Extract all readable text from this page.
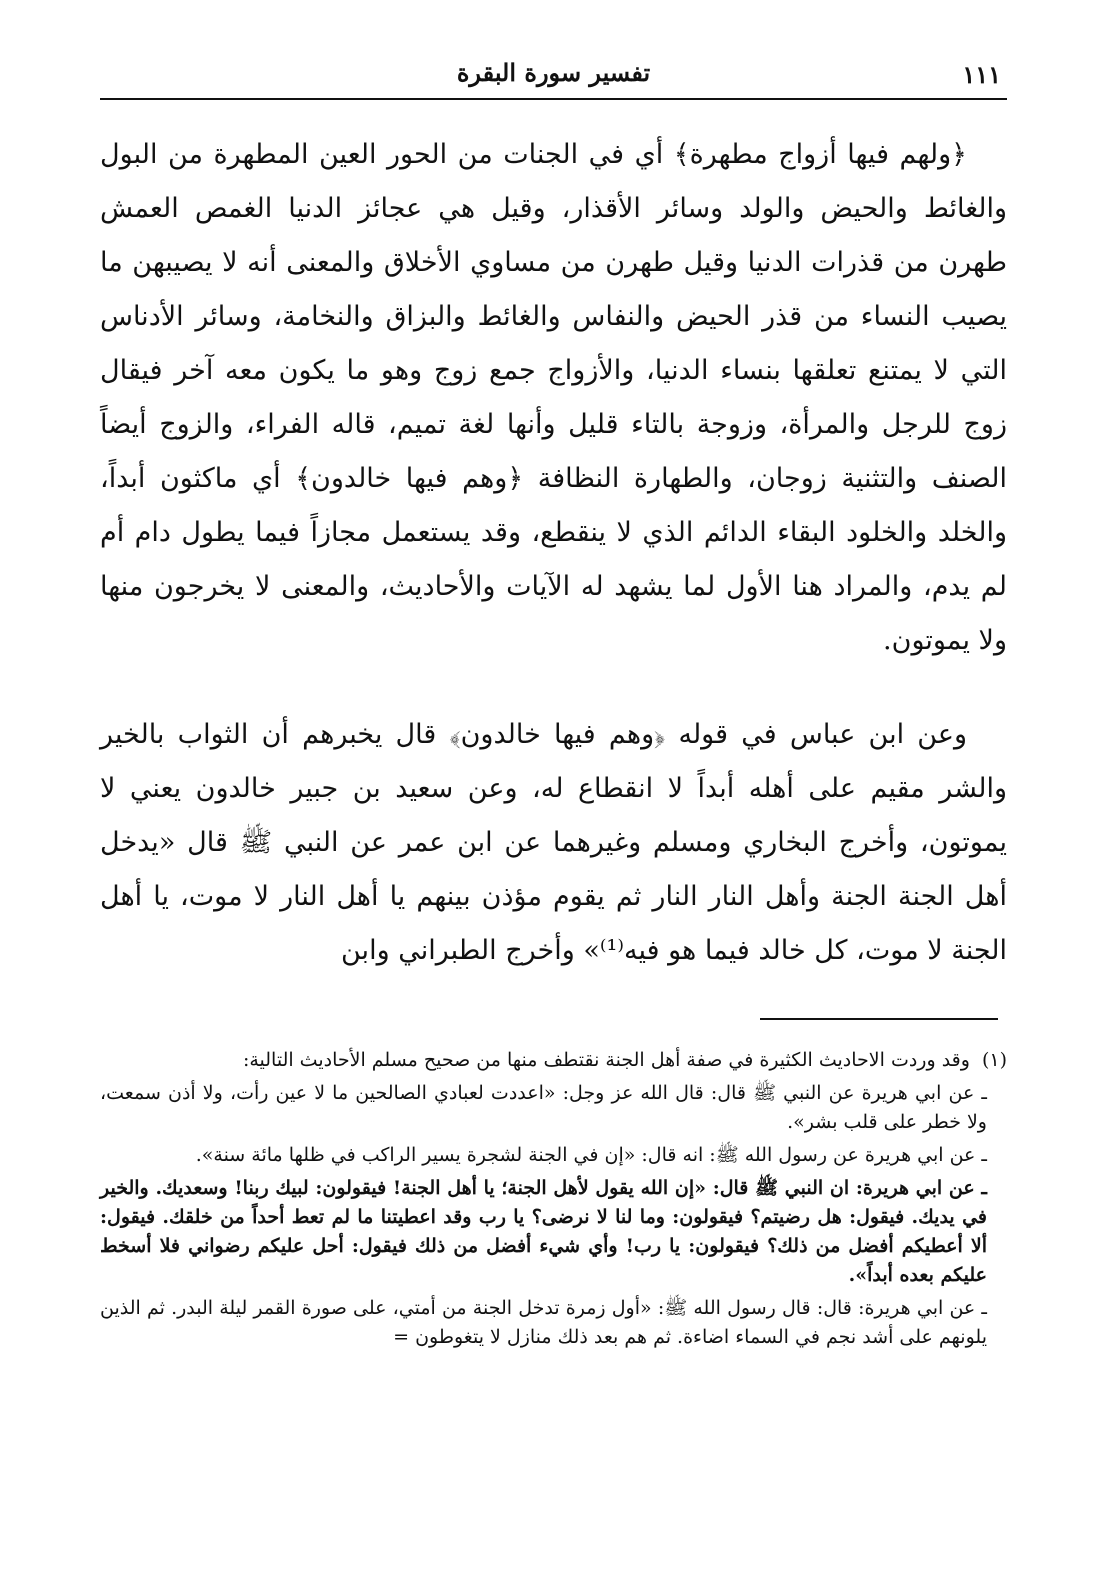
تفسير سورة البقرة	١١١

﴿ولهم فيها أزواج مطهرة﴾ أي في الجنات من الحور العين المطهرة من البول والغائط والحيض والولد وسائر الأقذار، وقيل هي عجائز الدنيا الغمص العمش طهرن من قذرات الدنيا وقيل طهرن من مساوي الأخلاق والمعنى أنه لا يصيبهن ما يصيب النساء من قذر الحيض والنفاس والغائط والبزاق والنخامة، وسائر الأدناس التي لا يمتنع تعلقها بنساء الدنيا، والأزواج جمع زوج وهو ما يكون معه آخر فيقال زوج للرجل والمرأة، وزوجة بالتاء قليل وأنها لغة تميم، قاله الفراء، والزوج أيضاً الصنف والتثنية زوجان، والطهارة النظافة ﴿وهم فيها خالدون﴾ أي ماكثون أبداً، والخلد والخلود البقاء الدائم الذي لا ينقطع، وقد يستعمل مجازاً فيما يطول دام أم لم يدم، والمراد هنا الأول لما يشهد له الآيات والأحاديث، والمعنى لا يخرجون منها ولا يموتون.

وعن ابن عباس في قوله ﴿وهم فيها خالدون﴾ قال يخبرهم أن الثواب بالخير والشر مقيم على أهله أبداً لا انقطاع له، وعن سعيد بن جبير خالدون يعني لا يموتون، وأخرج البخاري ومسلم وغيرهما عن ابن عمر عن النبي ﷺ قال «يدخل أهل الجنة الجنة وأهل النار النار ثم يقوم مؤذن بينهم يا أهل النار لا موت، يا أهل الجنة لا موت، كل خالد فيما هو فيه⁽¹⁾» وأخرج الطبراني وابن

(١)وقد وردت الاحاديث الكثيرة في صفة أهل الجنة نقتطف منها من صحيح مسلم الأحاديث التالية:

ـ عن ابي هريرة عن النبي ﷺ قال: قال الله عز وجل: «اعددت لعبادي الصالحين ما لا عين رأت، ولا أذن سمعت، ولا خطر على قلب بشر».

ـ عن ابي هريرة عن رسول الله ﷺ: انه قال: «إن في الجنة لشجرة يسير الراكب في ظلها مائة سنة».

ـ عن ابي هريرة: ان النبي ﷺ قال: «إن الله يقول لأهل الجنة؛ يا أهل الجنة! فيقولون: لبيك ربنا! وسعديك. والخير في يديك. فيقول: هل رضيتم؟ فيقولون: وما لنا لا نرضى؟ يا رب وقد اعطيتنا ما لم تعط أحداً من خلقك. فيقول: ألا أعطيكم أفضل من ذلك؟ فيقولون: يا رب! وأي شيء أفضل من ذلك فيقول: أحل عليكم رضواني فلا أسخط عليكم بعده أبداً».

ـ عن ابي هريرة: قال: قال رسول الله ﷺ: «أول زمرة تدخل الجنة من أمتي، على صورة القمر ليلة البدر. ثم الذين يلونهم على أشد نجم في السماء اضاءة. ثم هم بعد ذلك منازل لا يتغوطون =
